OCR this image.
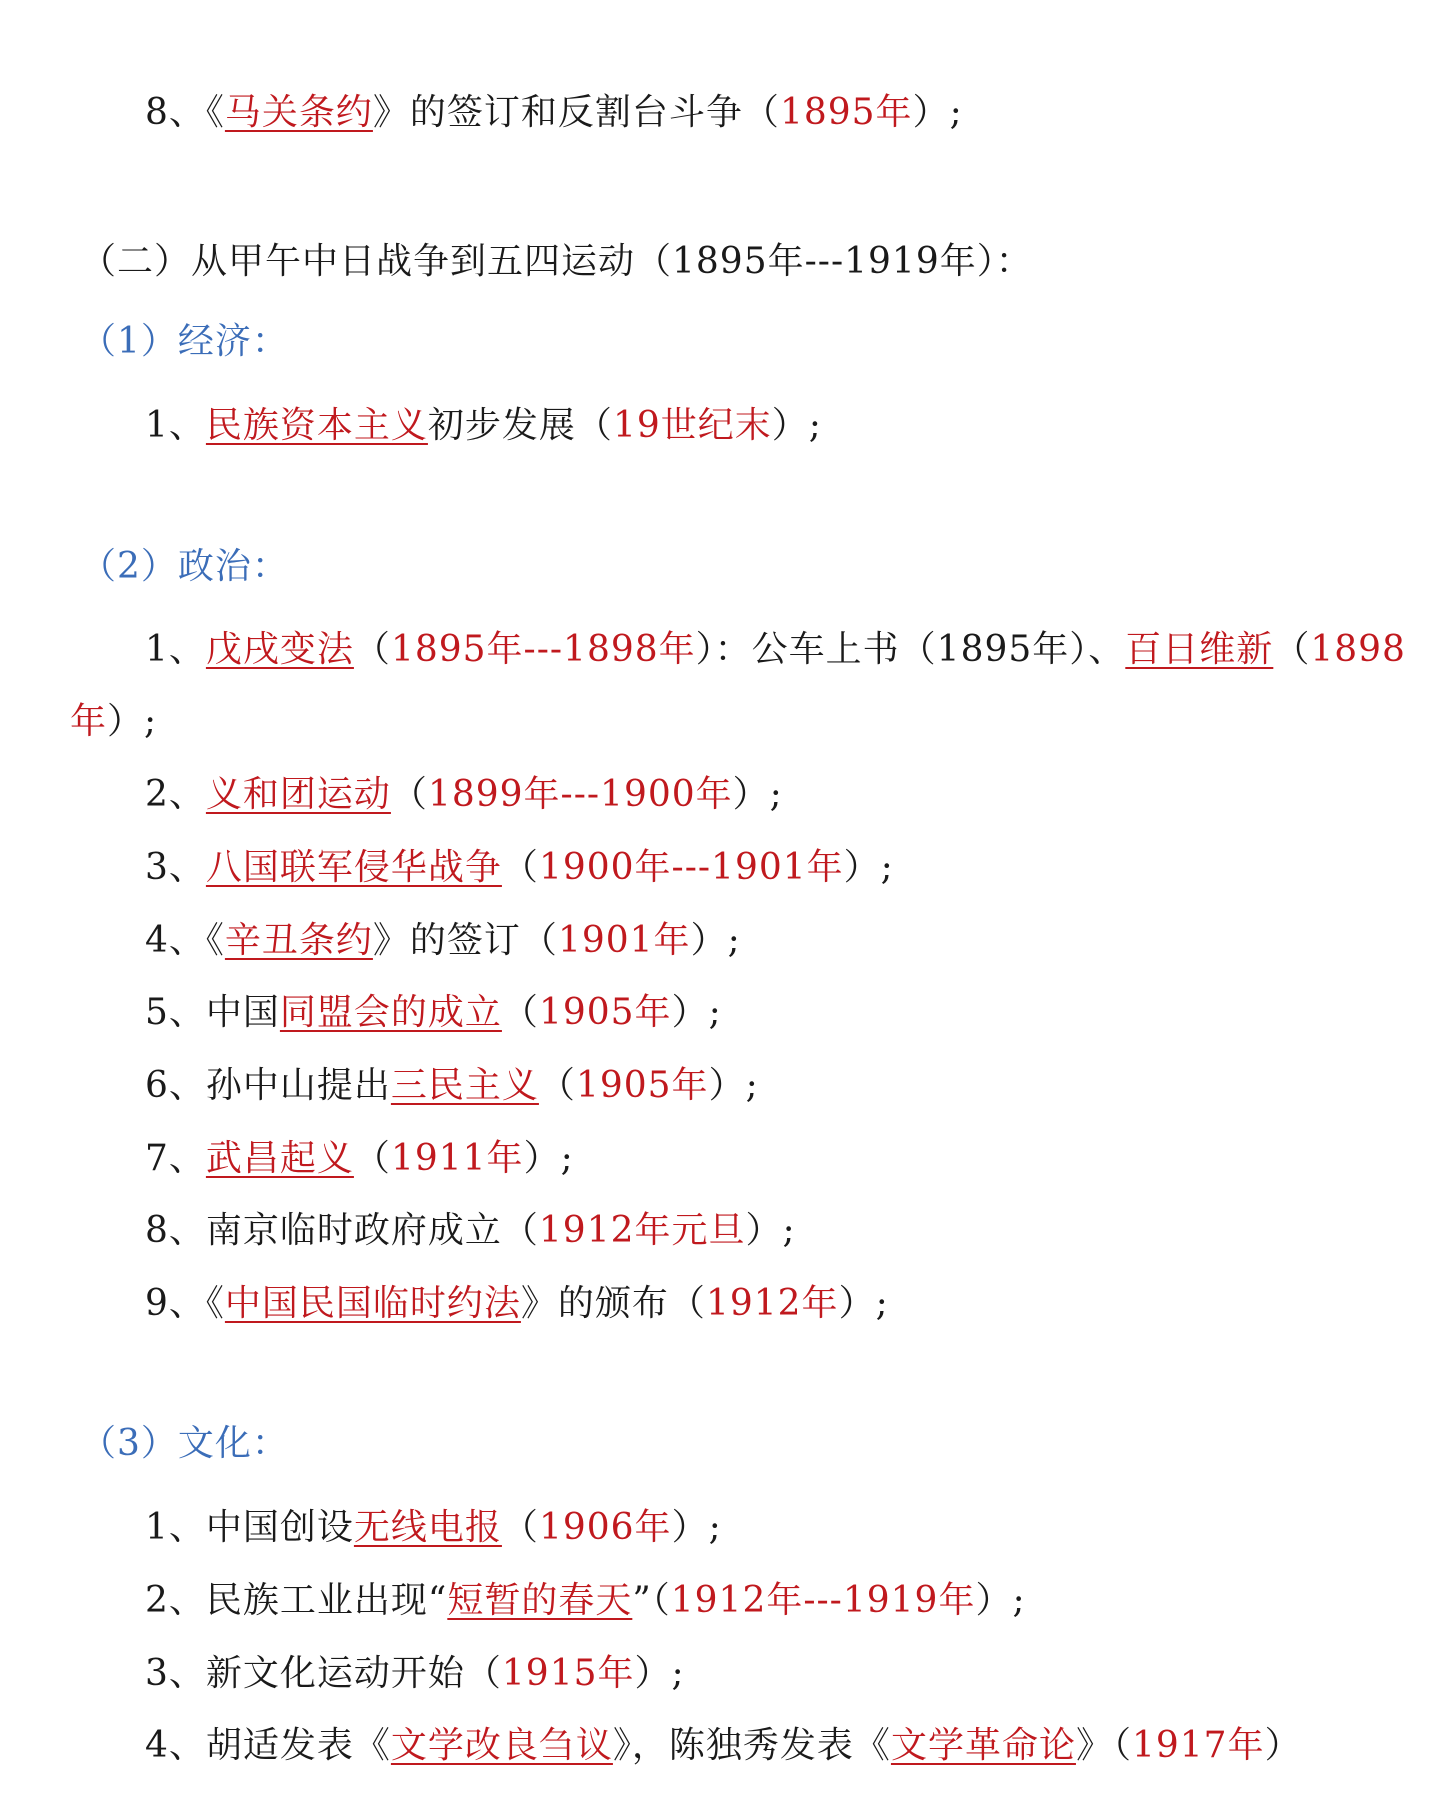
8、《马关条约》的签订和反割台斗争（1895年）;
（二）从甲午中日战争到五四运动（1895年---1919年）：
（1）经济：
1、民族资本主义初步发展（19世纪末）;
（2）政治：
1、戊戌变法（1895年---1898年）：公车上书（1895年）、百日维新（1898
年）;
2、义和团运动（1899年---1900年）;
3、八国联军侵华战争（1900年---1901年）;
4、《辛丑条约》的签订（1901年）;
5、中国同盟会的成立（1905年）;
6、孙中山提出三民主义（1905年）;
7、武昌起义（1911年）;
8、南京临时政府成立（1912年元旦）;
9、《中国民国临时约法》的颁布（1912年）;
（3）文化：
1、中国创设无线电报（1906年）;
2、民族工业出现“短暂的春天”（1912年---1919年）;
3、新文化运动开始（1915年）;
4、胡适发表《文学改良刍议》，陈独秀发表《文学革命论》（1917年）
